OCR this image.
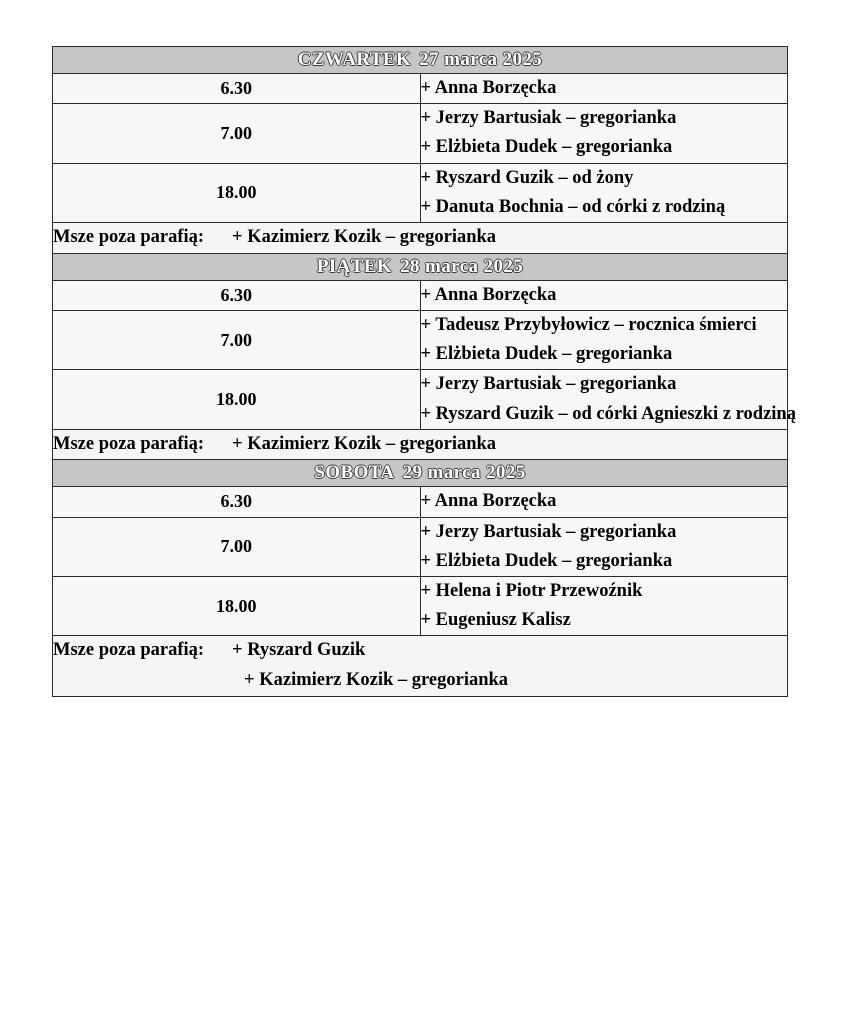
CZWARTEK 27 marca 2025	
6.30	+ Anna Borzęcka

7.00	+ Jerzy Bartusiak – gregorianka
+ Elżbieta Dudek – gregorianka

18.00	+ Ryszard Guzik – od żony
+ Danuta Bochnia – od córki z rodziną

Msze poza parafią: + Kazimierz Kozik – gregorianka	

PIĄTEK 28 marca 2025	
6.30	+ Anna Borzęcka

7.00	+ Tadeusz Przybyłowicz – rocznica śmierci
+ Elżbieta Dudek – gregorianka

18.00	+ Jerzy Bartusiak – gregorianka
+ Ryszard Guzik – od córki Agnieszki z rodziną

Msze poza parafią: + Kazimierz Kozik – gregorianka	

SOBOTA 29 marca 2025	
6.30	+ Anna Borzęcka

7.00	+ Jerzy Bartusiak – gregorianka
+ Elżbieta Dudek – gregorianka

18.00	+ Helena i Piotr Przewoźnik
+ Eugeniusz Kalisz

Msze poza parafią: + Ryszard Guzik
+ Kazimierz Kozik – gregorianka	
